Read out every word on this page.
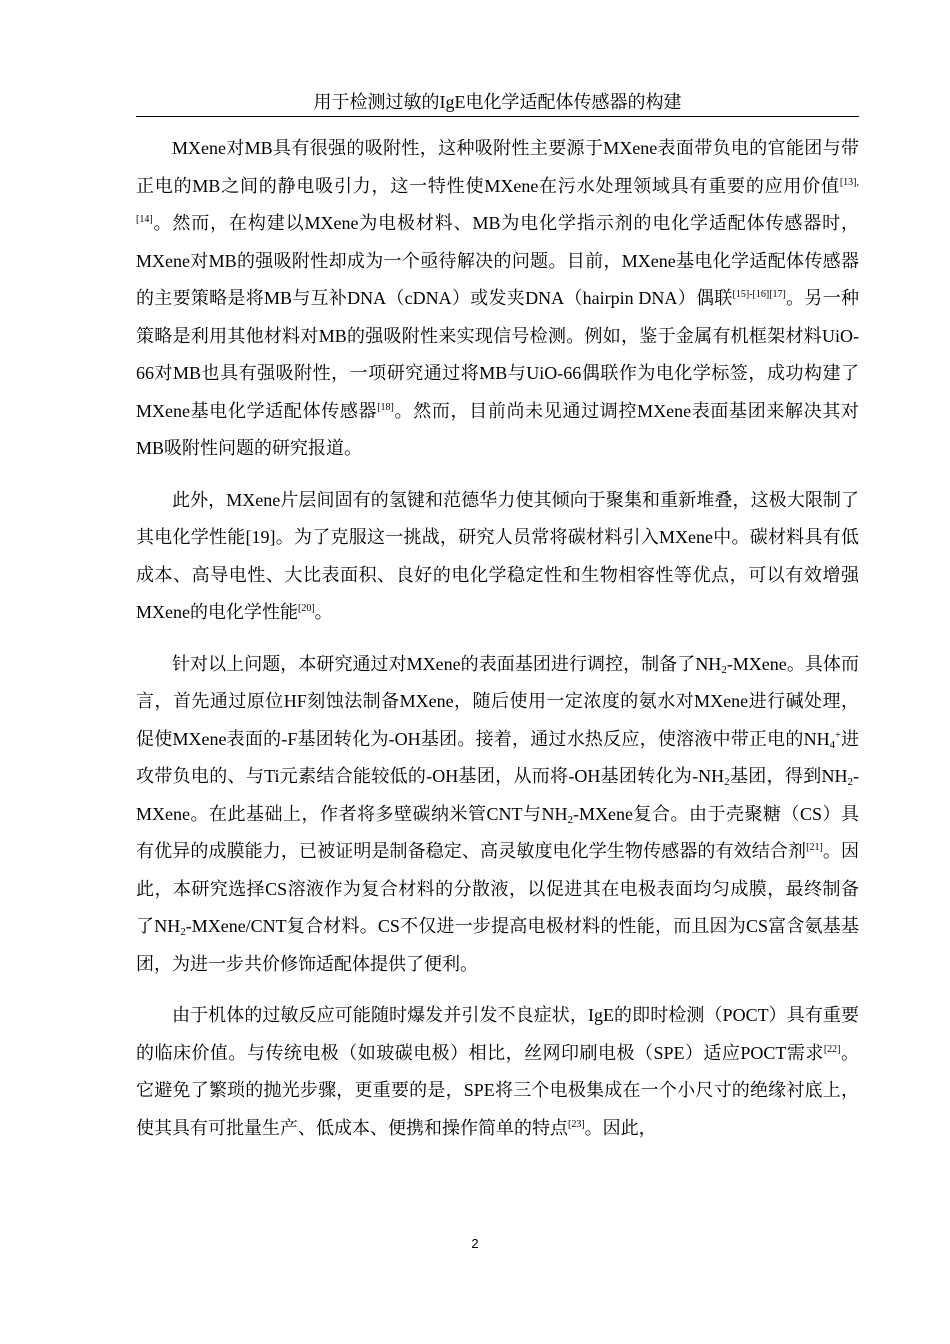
用于检测过敏的IgE电化学适配体传感器的构建

MXene对MB具有很强的吸附性，这种吸附性主要源于MXene表面带负电的官能团与带正电的MB之间的静电吸引力，这一特性使MXene在污水处理领域具有重要的应用价值[13],[14]。然而，在构建以MXene为电极材料、MB为电化学指示剂的电化学适配体传感器时，MXene对MB的强吸附性却成为一个亟待解决的问题。目前，MXene基电化学适配体传感器的主要策略是将MB与互补DNA（cDNA）或发夹DNA（hairpin DNA）偶联[15]-[16][17]。另一种策略是利用其他材料对MB的强吸附性来实现信号检测。例如，鉴于金属有机框架材料UiO-66对MB也具有强吸附性，一项研究通过将MB与UiO-66偶联作为电化学标签，成功构建了MXene基电化学适配体传感器[18]。然而，目前尚未见通过调控MXene表面基团来解决其对MB吸附性问题的研究报道。

此外，MXene片层间固有的氢键和范德华力使其倾向于聚集和重新堆叠，这极大限制了其电化学性能[19]。为了克服这一挑战，研究人员常将碳材料引入MXene中。碳材料具有低成本、高导电性、大比表面积、良好的电化学稳定性和生物相容性等优点，可以有效增强MXene的电化学性能[20]。

针对以上问题，本研究通过对MXene的表面基团进行调控，制备了$NH_2$-MXene。具体而言，首先通过原位HF刻蚀法制备MXene，随后使用一定浓度的氨水对MXene进行碱处理，促使MXene表面的-F基团转化为-OH基团。接着，通过水热反应，使溶液中带正电的$NH_4^+$进攻带负电的、与Ti元素结合能较低的-OH基团，从而将-OH基团转化为$-NH_2$基团，得到$NH_2$-MXene。在此基础上，作者将多壁碳纳米管CNT与$NH_2$-MXene复合。由于壳聚糖（CS）具有优异的成膜能力，已被证明是制备稳定、高灵敏度电化学生物传感器的有效结合剂[21]。因此，本研究选择CS溶液作为复合材料的分散液，以促进其在电极表面均匀成膜，最终制备了$NH_2-MXene$/CNT复合材料。CS不仅进一步提高电极材料的性能，而且因为CS富含氨基基团，为进一步共价修饰适配体提供了便利。

由于机体的过敏反应可能随时爆发并引发不良症状，IgE的即时检测（POCT）具有重要的临床价值。与传统电极（如玻碳电极）相比，丝网印刷电极（SPE）适应POCT需求[22]。它避免了繁琐的抛光步骤，更重要的是，SPE将三个电极集成在一个小尺寸的绝缘衬底上，使其具有可批量生产、低成本、便携和操作简单的特点[23]。因此，

2
